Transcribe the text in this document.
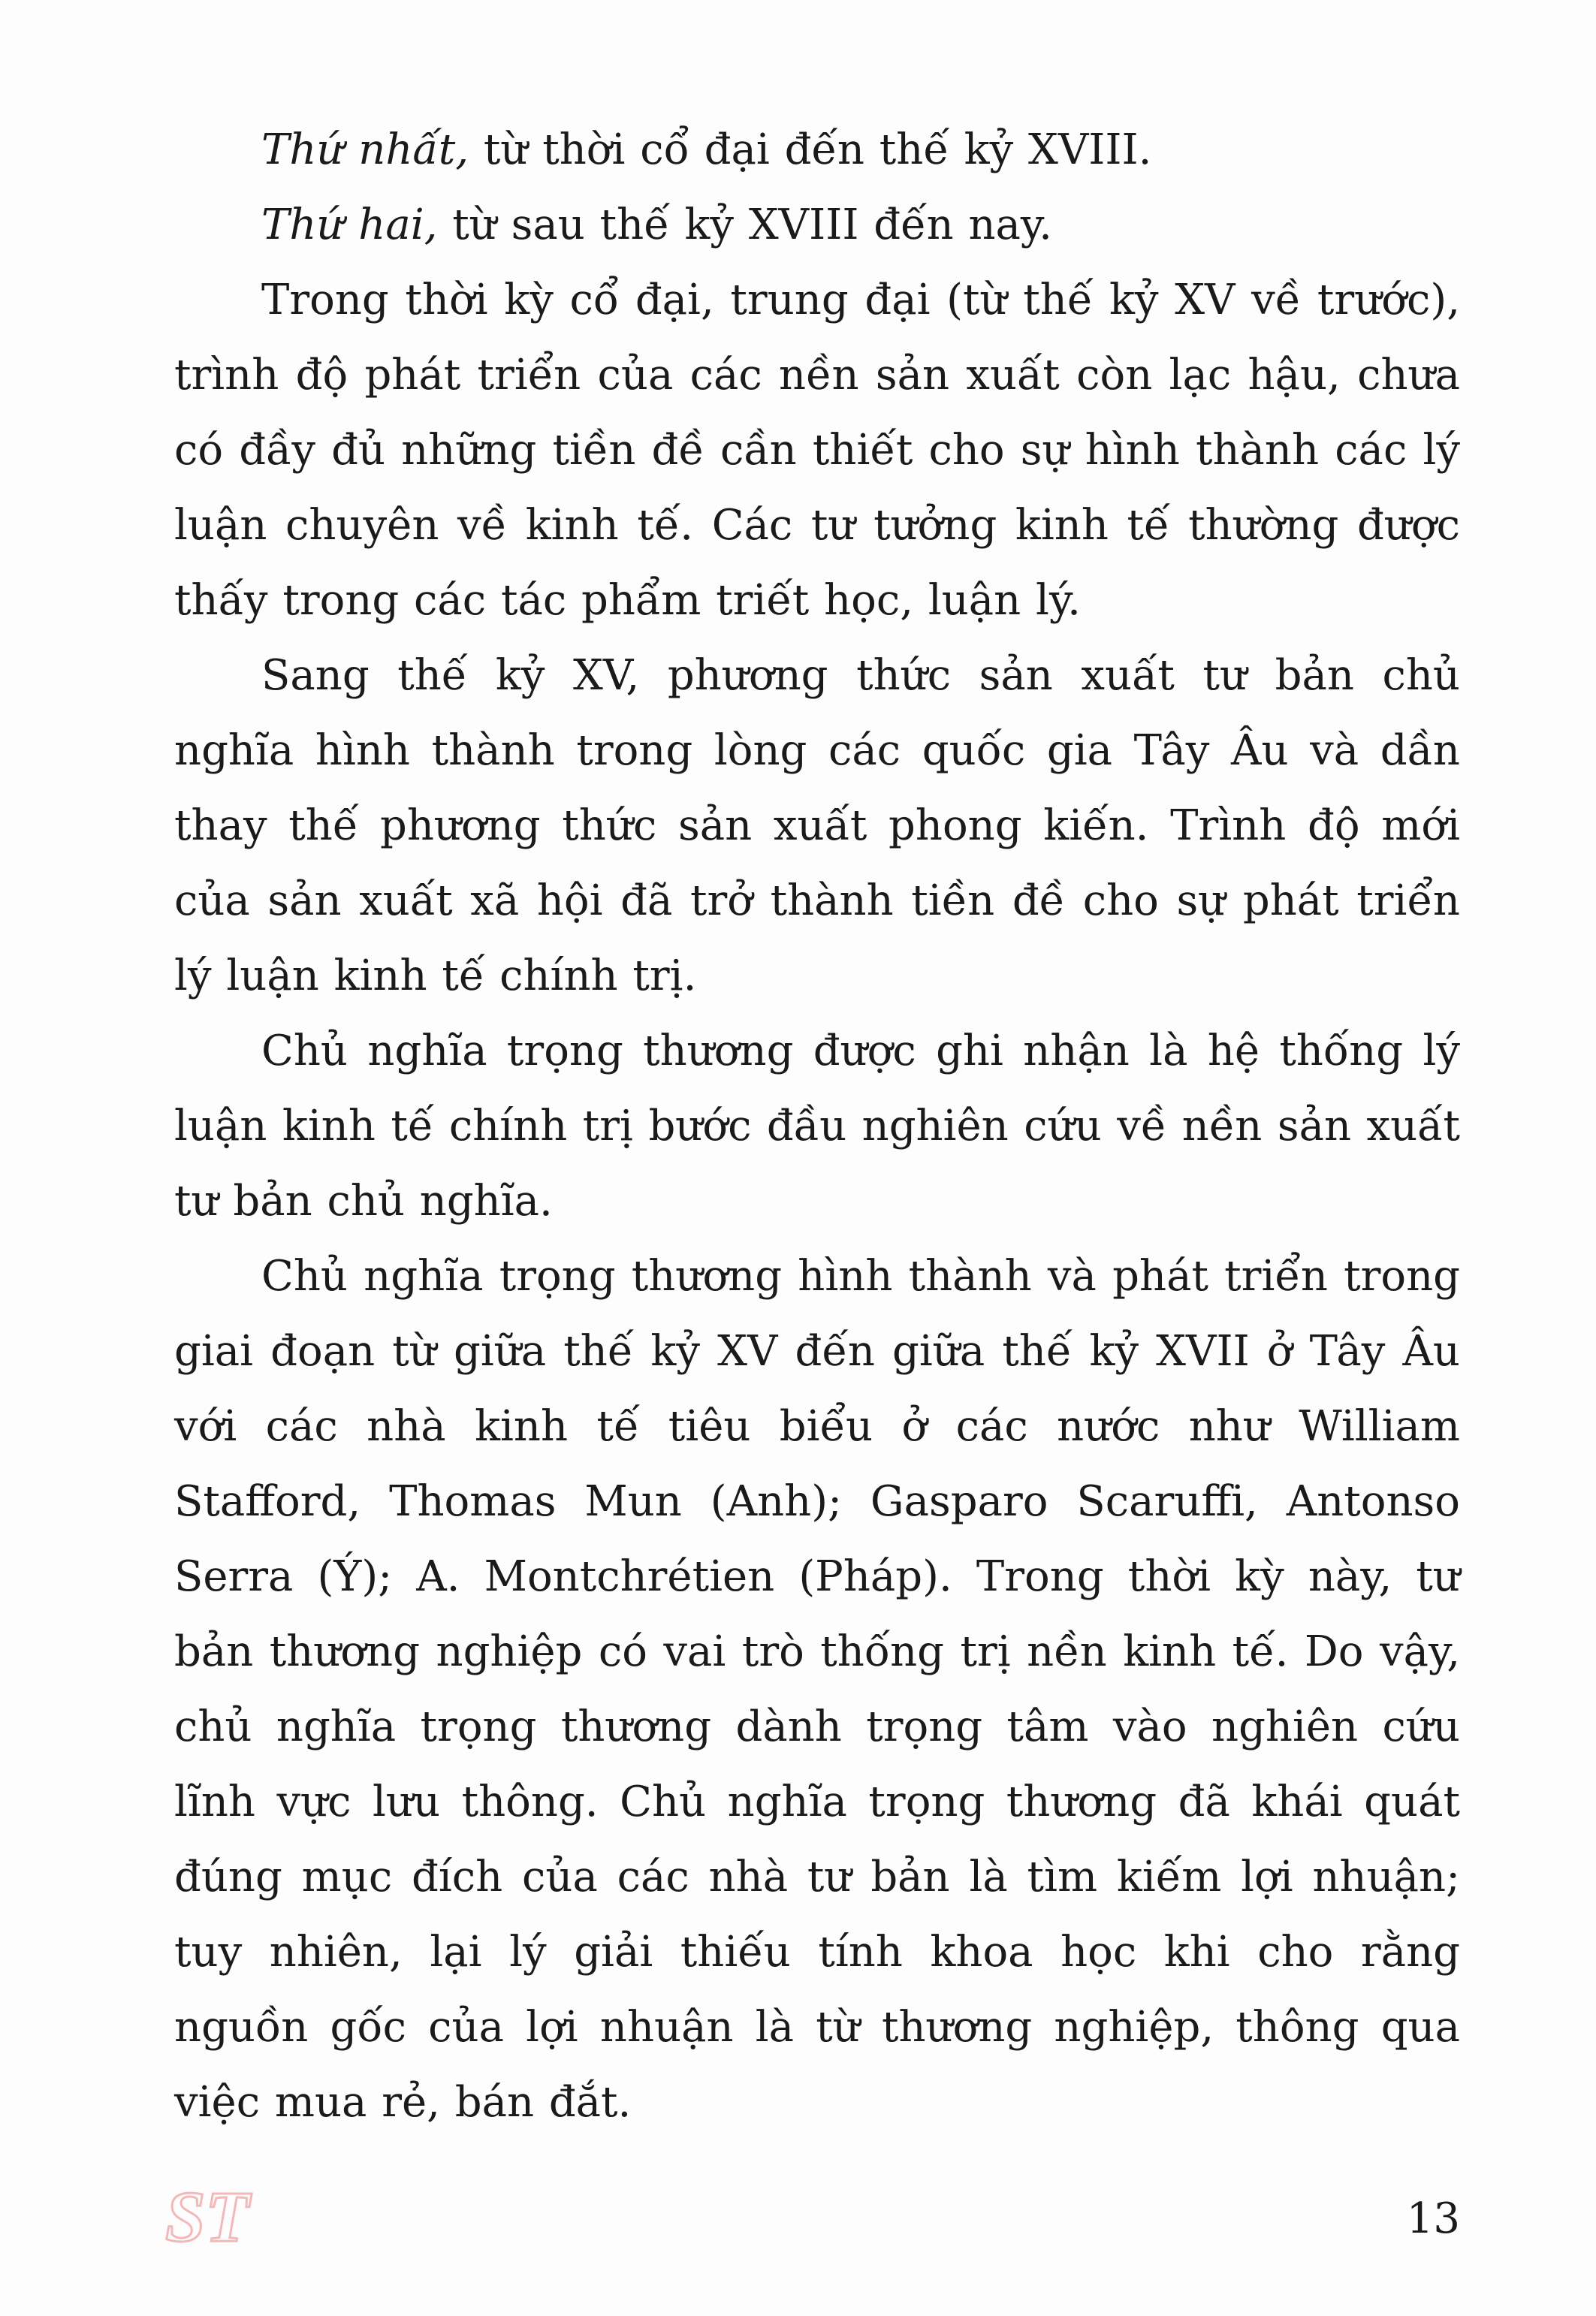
Thứ nhất, từ thời cổ đại đến thế kỷ XVIII.

Thứ hai, từ sau thế kỷ XVIII đến nay.

Trong thời kỳ cổ đại, trung đại (từ thế kỷ XV về trước), trình độ phát triển của các nền sản xuất còn lạc hậu, chưa có đầy đủ những tiền đề cần thiết cho sự hình thành các lý luận chuyên về kinh tế. Các tư tưởng kinh tế thường được thấy trong các tác phẩm triết học, luận lý.

Sang thế kỷ XV, phương thức sản xuất tư bản chủ nghĩa hình thành trong lòng các quốc gia Tây Âu và dần thay thế phương thức sản xuất phong kiến. Trình độ mới của sản xuất xã hội đã trở thành tiền đề cho sự phát triển lý luận kinh tế chính trị.

Chủ nghĩa trọng thương được ghi nhận là hệ thống lý luận kinh tế chính trị bước đầu nghiên cứu về nền sản xuất tư bản chủ nghĩa.

Chủ nghĩa trọng thương hình thành và phát triển trong giai đoạn từ giữa thế kỷ XV đến giữa thế kỷ XVII ở Tây Âu với các nhà kinh tế tiêu biểu ở các nước như William Stafford, Thomas Mun (Anh); Gasparo Scaruffi, Antonso Serra (Ý); A. Montchrétien (Pháp). Trong thời kỳ này, tư bản thương nghiệp có vai trò thống trị nền kinh tế. Do vậy, chủ nghĩa trọng thương dành trọng tâm vào nghiên cứu lĩnh vực lưu thông. Chủ nghĩa trọng thương đã khái quát đúng mục đích của các nhà tư bản là tìm kiếm lợi nhuận; tuy nhiên, lại lý giải thiếu tính khoa học khi cho rằng nguồn gốc của lợi nhuận là từ thương nghiệp, thông qua việc mua rẻ, bán đắt.

ST	13
